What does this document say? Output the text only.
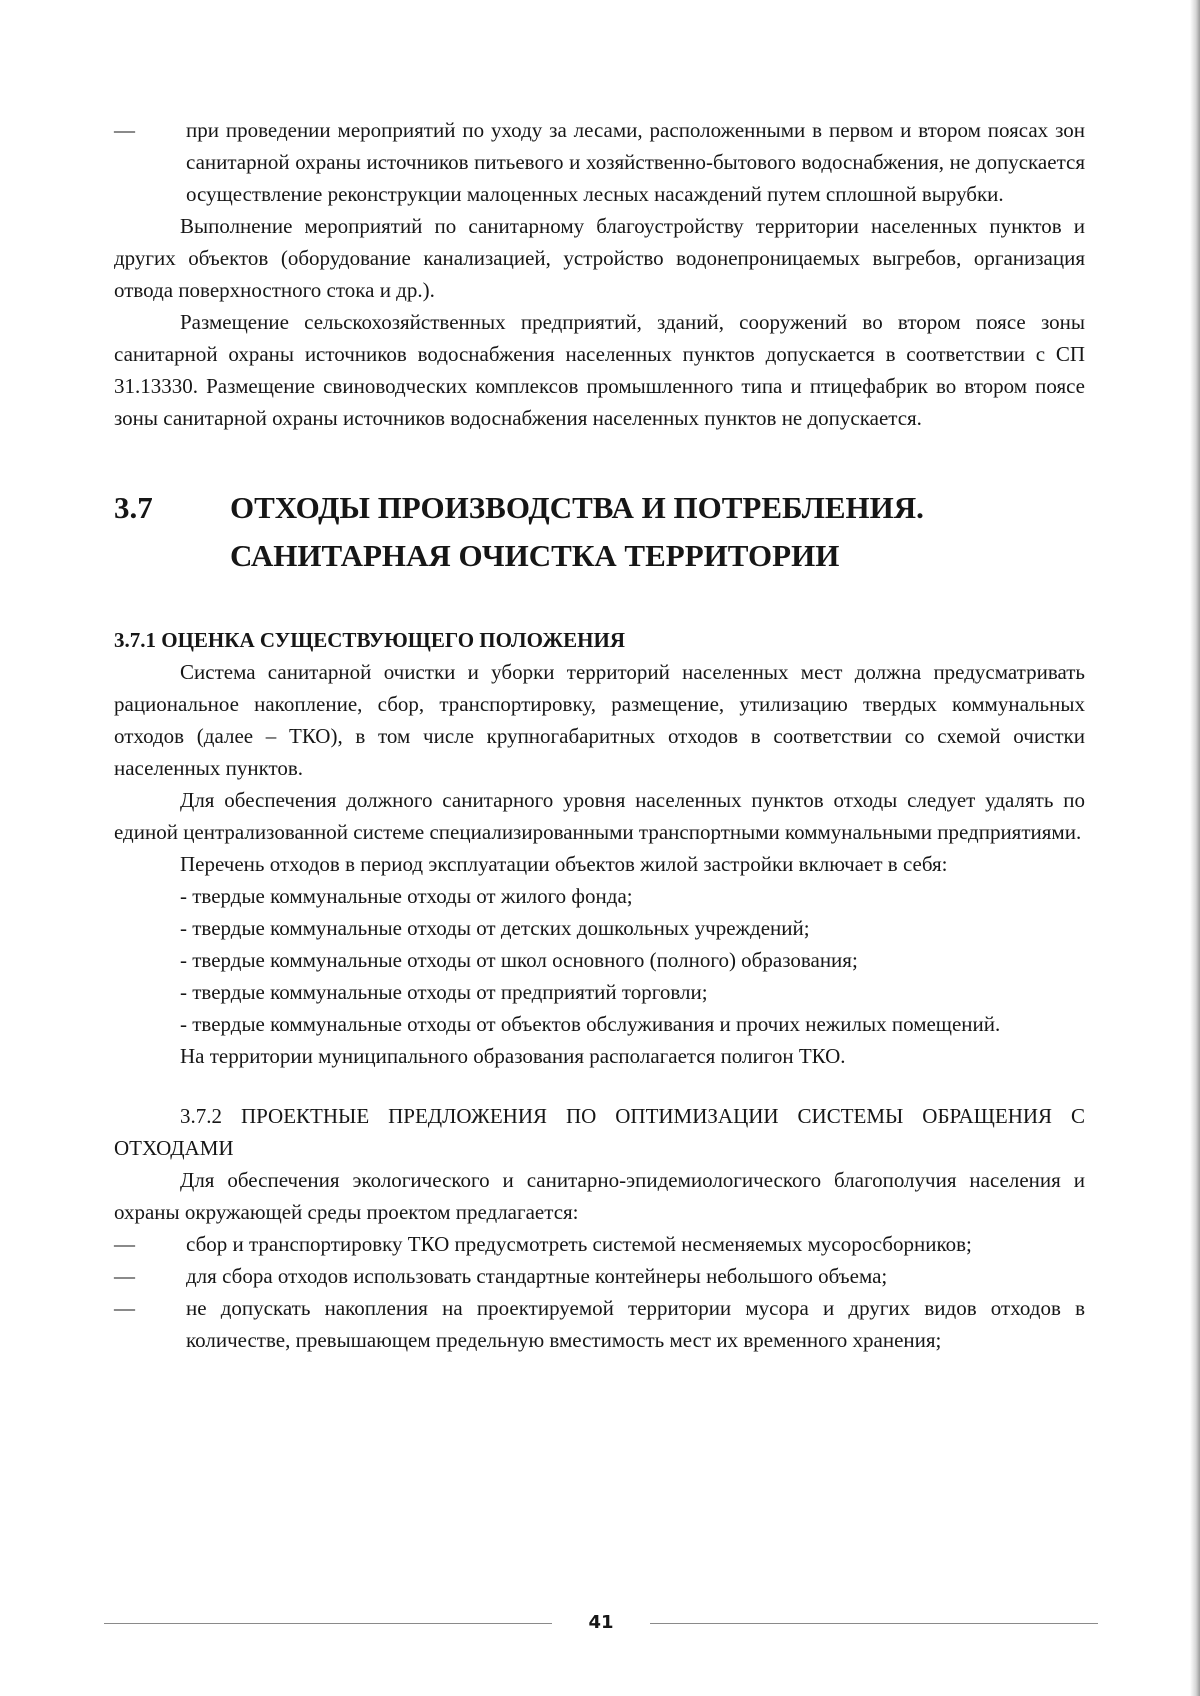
— при проведении мероприятий по уходу за лесами, расположенными в первом и втором поясах зон санитарной охраны источников питьевого и хозяйственно-бытового водоснабжения, не допускается осуществление реконструкции малоценных лесных насаждений путем сплошной вырубки.

Выполнение мероприятий по санитарному благоустройству территории населенных пунктов и других объектов (оборудование канализацией, устройство водонепроницаемых выгребов, организация отвода поверхностного стока и др.).

Размещение сельскохозяйственных предприятий, зданий, сооружений во втором поясе зоны санитарной охраны источников водоснабжения населенных пунктов допускается в соответствии с СП 31.13330. Размещение свиноводческих комплексов промышленного типа и птицефабрик во втором поясе зоны санитарной охраны источников водоснабжения населенных пунктов не допускается.

3.7	ОТХОДЫ ПРОИЗВОДСТВА И ПОТРЕБЛЕНИЯ.
САНИТАРНАЯ ОЧИСТКА ТЕРРИТОРИИ

3.7.1 ОЦЕНКА СУЩЕСТВУЮЩЕГО ПОЛОЖЕНИЯ

Система санитарной очистки и уборки территорий населенных мест должна предусматривать рациональное накопление, сбор, транспортировку, размещение, утилизацию твердых коммунальных отходов (далее – ТКО), в том числе крупногабаритных отходов в соответствии со схемой очистки населенных пунктов.

Для обеспечения должного санитарного уровня населенных пунктов отходы следует удалять по единой централизованной системе специализированными транспортными коммунальными предприятиями.

Перечень отходов в период эксплуатации объектов жилой застройки включает в себя:

- твердые коммунальные отходы от жилого фонда;

- твердые коммунальные отходы от детских дошкольных учреждений;

- твердые коммунальные отходы от школ основного (полного) образования;

- твердые коммунальные отходы от предприятий торговли;

- твердые коммунальные отходы от объектов обслуживания и прочих нежилых помещений.

На территории муниципального образования располагается полигон ТКО.

3.7.2 ПРОЕКТНЫЕ ПРЕДЛОЖЕНИЯ ПО ОПТИМИЗАЦИИ СИСТЕМЫ ОБРАЩЕНИЯ С ОТХОДАМИ

Для обеспечения экологического и санитарно-эпидемиологического благополучия населения и охраны окружающей среды проектом предлагается:

— сбор и транспортировку ТКО предусмотреть системой несменяемых мусоросборников;

— для сбора отходов использовать стандартные контейнеры небольшого объема;

— не допускать накопления на проектируемой территории мусора и других видов отходов в количестве, превышающем предельную вместимость мест их временного хранения;

41
